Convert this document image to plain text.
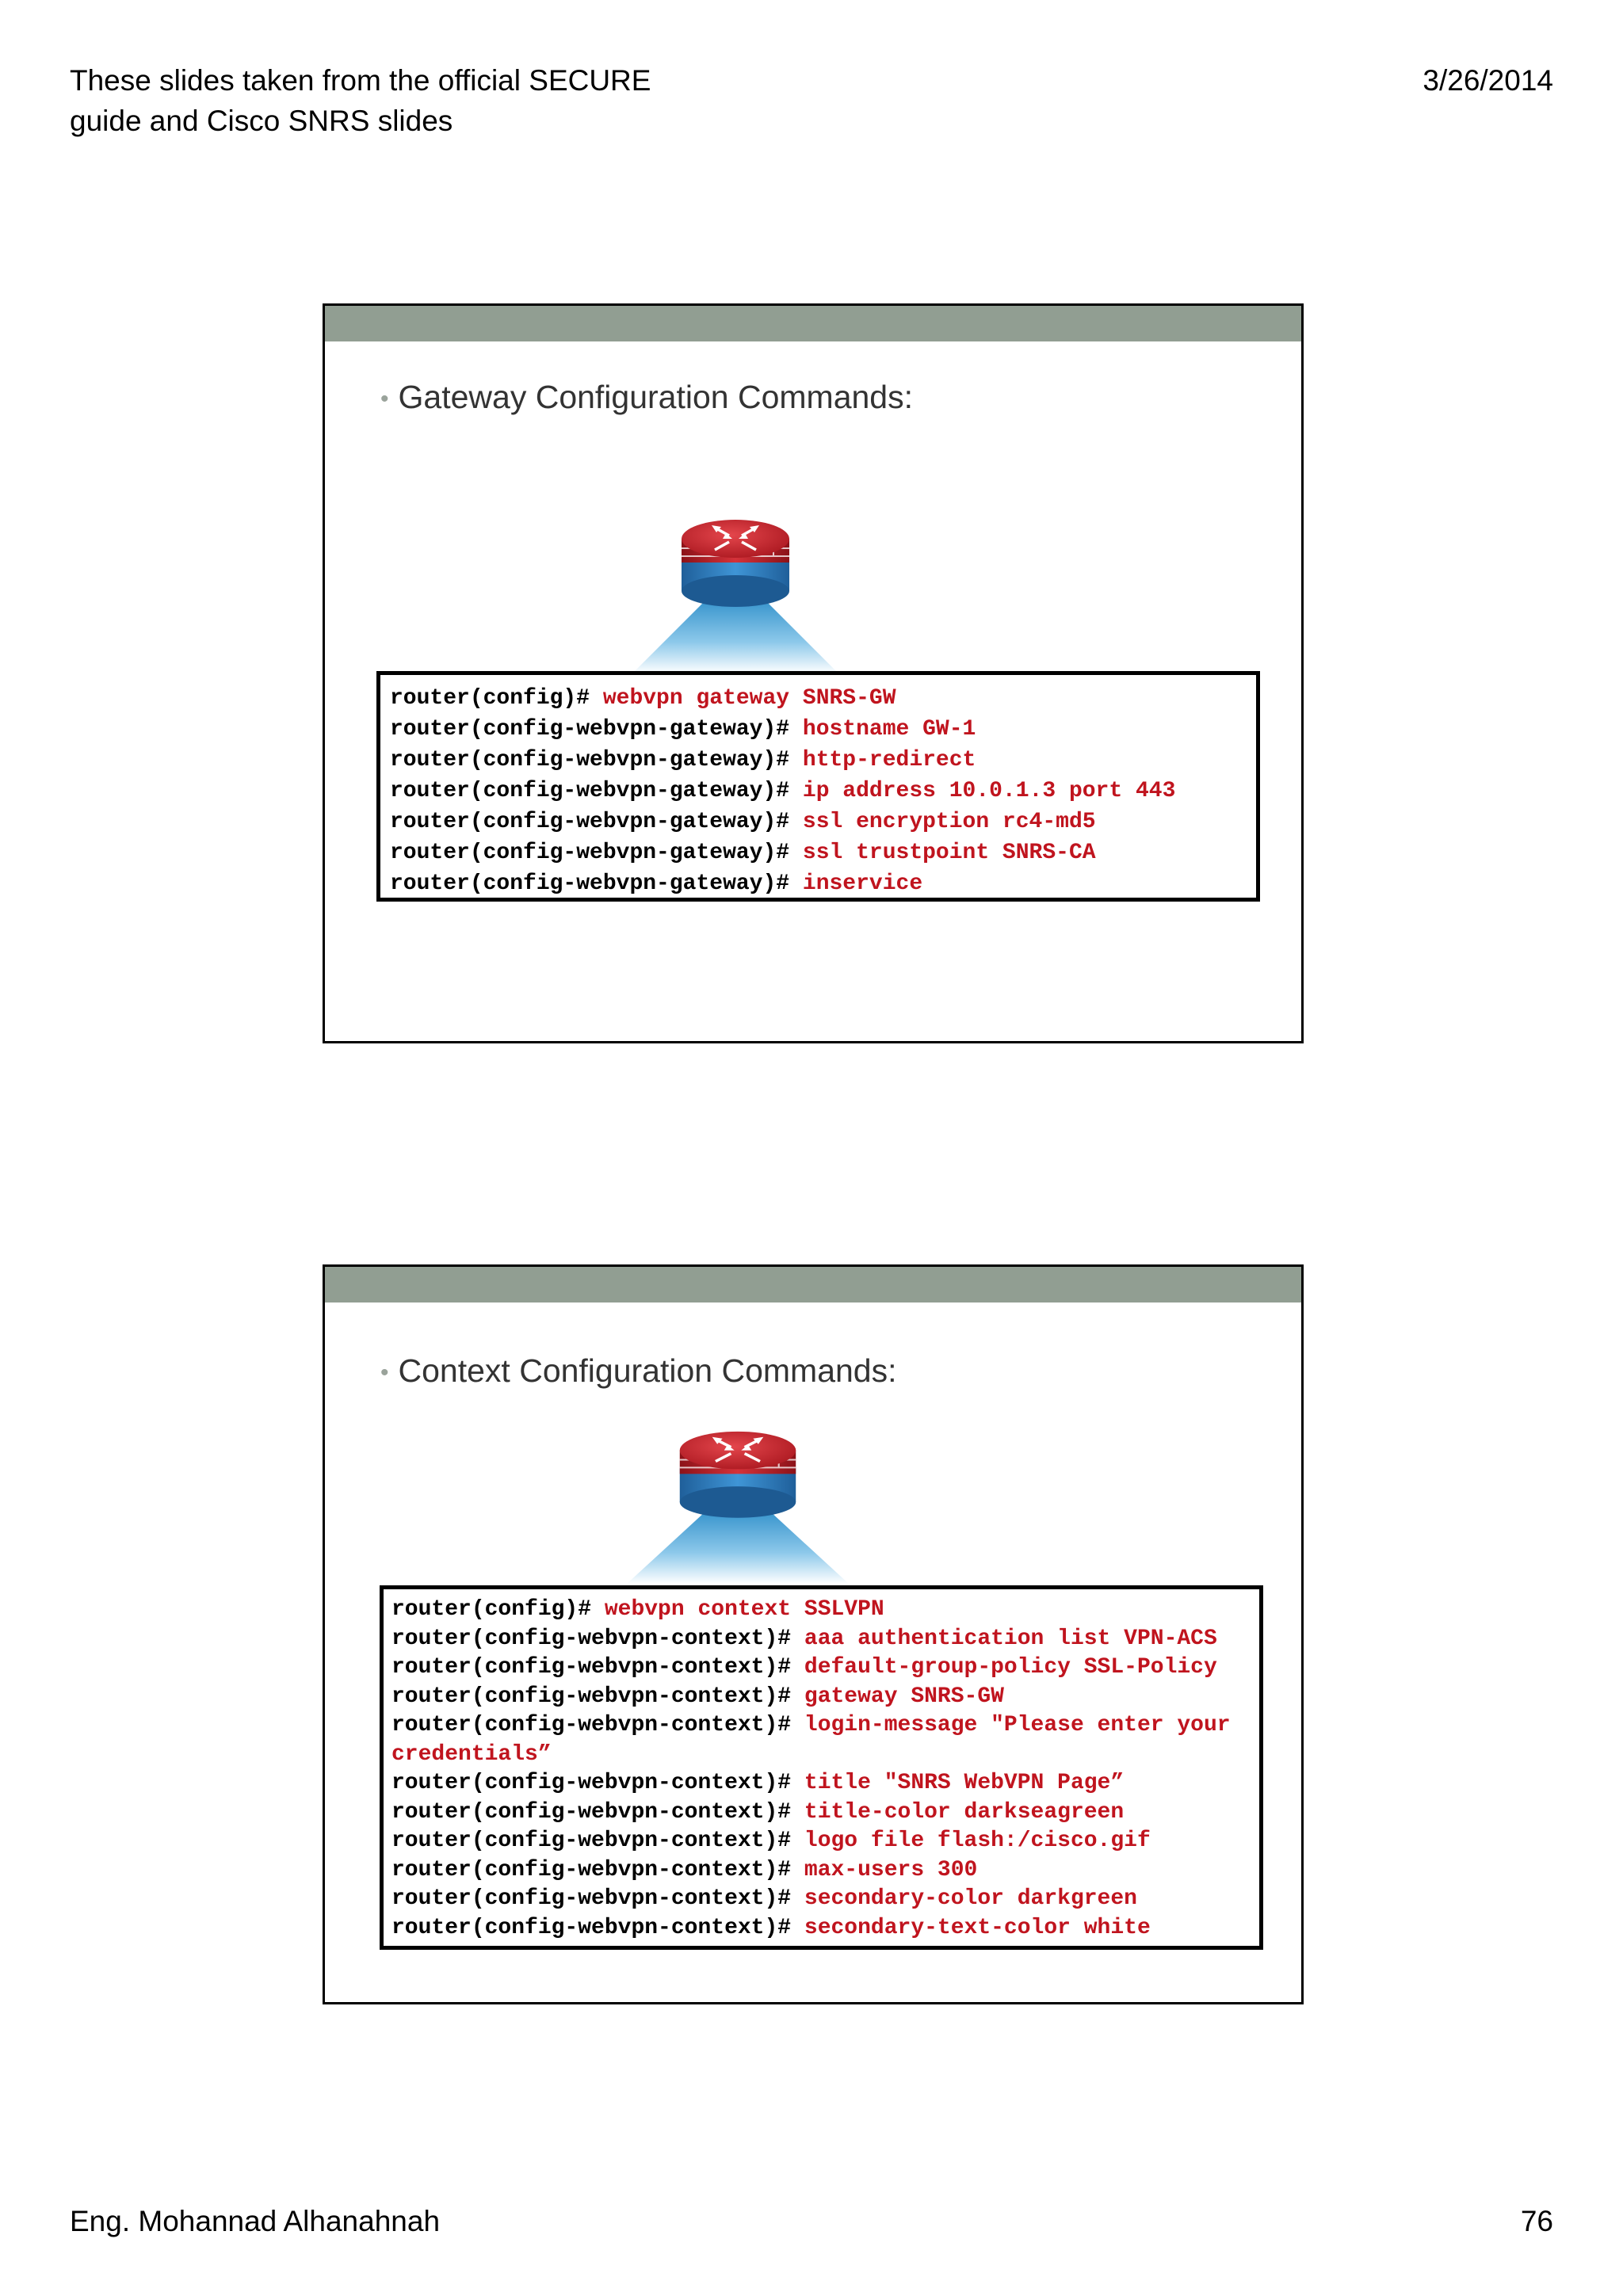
These slides taken from the official SECURE
guide and Cisco SNRS slides
3/26/2014
• Gateway Configuration Commands:
router(config)# webvpn gateway SNRS-GW
router(config-webvpn-gateway)# hostname GW-1
router(config-webvpn-gateway)# http-redirect
router(config-webvpn-gateway)# ip address 10.0.1.3 port 443
router(config-webvpn-gateway)# ssl encryption rc4-md5
router(config-webvpn-gateway)# ssl trustpoint SNRS-CA
router(config-webvpn-gateway)# inservice
• Context Configuration Commands:
router(config)# webvpn context SSLVPN
router(config-webvpn-context)# aaa authentication list VPN-ACS
router(config-webvpn-context)# default-group-policy SSL-Policy
router(config-webvpn-context)# gateway SNRS-GW
router(config-webvpn-context)# login-message "Please enter your
credentials”
router(config-webvpn-context)# title "SNRS WebVPN Page”
router(config-webvpn-context)# title-color darkseagreen
router(config-webvpn-context)# logo file flash:/cisco.gif
router(config-webvpn-context)# max-users 300
router(config-webvpn-context)# secondary-color darkgreen
router(config-webvpn-context)# secondary-text-color white
Eng. Mohannad Alhanahnah	76
